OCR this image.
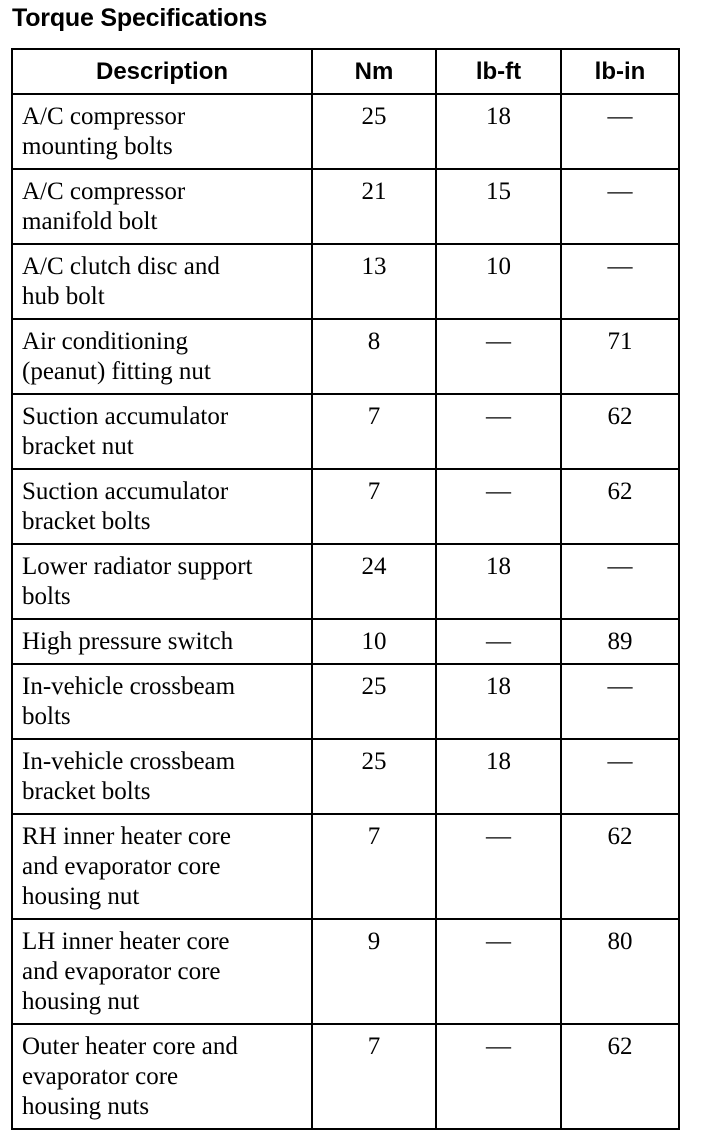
Torque Specifications
Description	Nm	lb-ft	lb-in
A/C compressor
mounting bolts	25	18	—
A/C compressor
manifold bolt	21	15	—
A/C clutch disc and
hub bolt	13	10	—
Air conditioning
(peanut) fitting nut	8	—	71
Suction accumulator
bracket nut	7	—	62
Suction accumulator
bracket bolts	7	—	62
Lower radiator support
bolts	24	18	—
High pressure switch	10	—	89
In-vehicle crossbeam
bolts	25	18	—
In-vehicle crossbeam
bracket bolts	25	18	—
RH inner heater core
and evaporator core
housing nut	7	—	62
LH inner heater core
and evaporator core
housing nut	9	—	80
Outer heater core and
evaporator core
housing nuts	7	—	62
